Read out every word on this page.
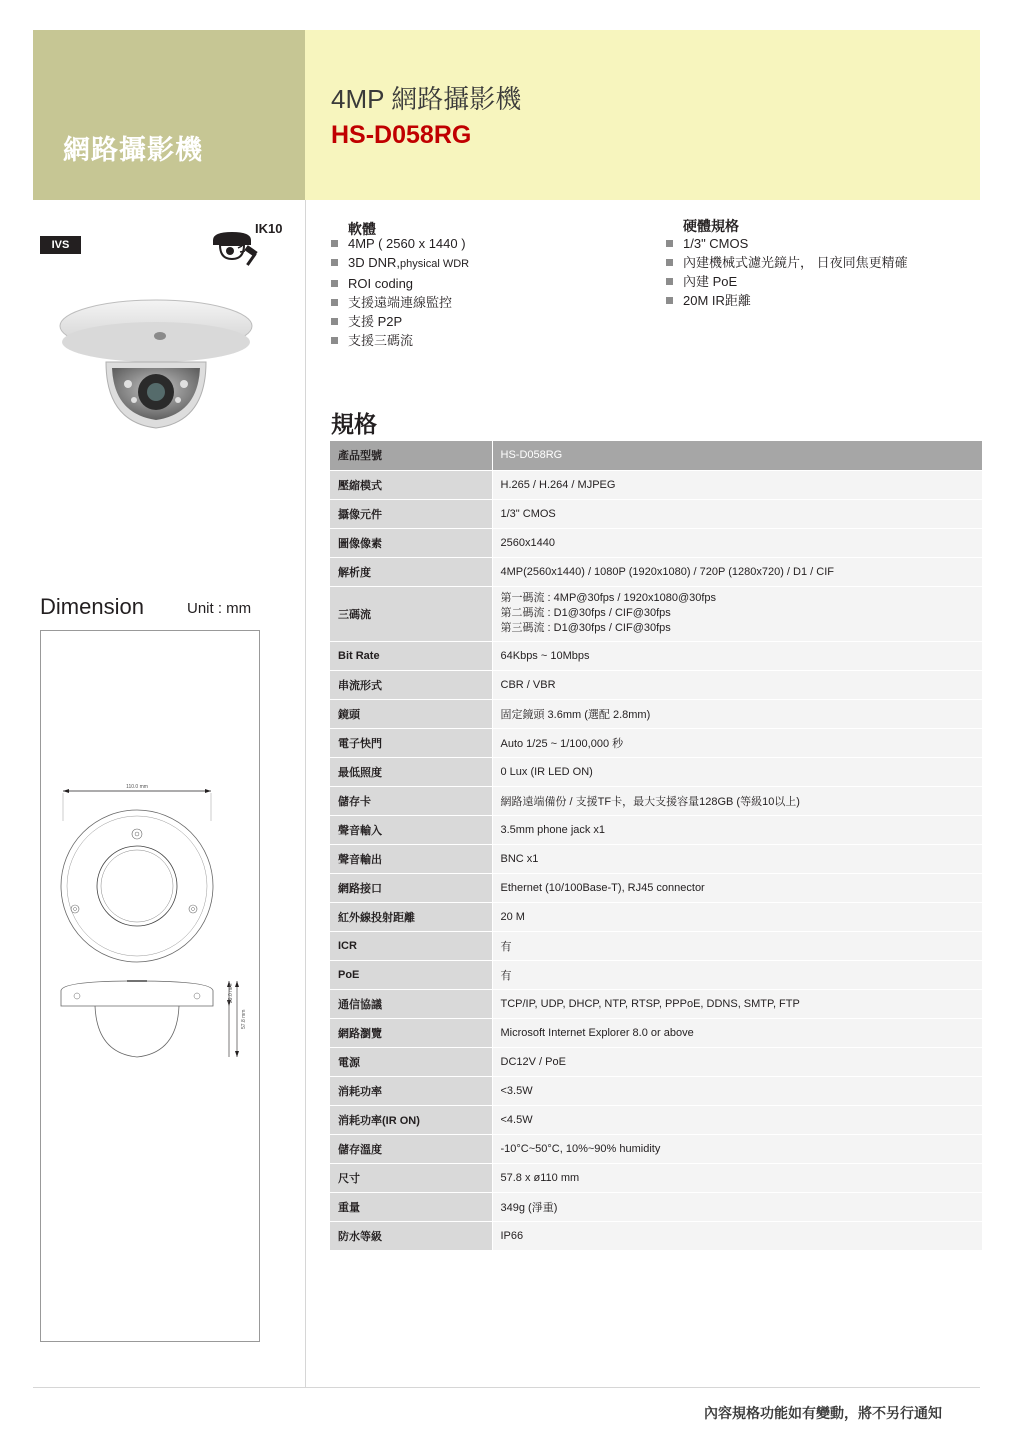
網路攝影機
4MP 網路攝影機
HS-D058RG
IVS
IK10
Dimension	Unit : mm
110.0 mm
29.0 mm
57.8 mm
軟體
4MP ( 2560 x 1440 )
3D DNR,physical WDR
ROI coding
支援遠端連線監控
支援 P2P
支援三碼流
硬體規格
1/3" CMOS
內建機械式濾光鏡片， 日夜同焦更精確
內建 PoE
20M IR距離
規格
產品型號	HS-D058RG
壓縮模式	H.265 / H.264 / MJPEG
攝像元件	1/3" CMOS
圖像像素	2560x1440
解析度	4MP(2560x1440) / 1080P (1920x1080) / 720P (1280x720) / D1 / CIF
三碼流	第一碼流 : 4MP@30fps / 1920x1080@30fps
第二碼流 : D1@30fps / CIF@30fps
第三碼流 : D1@30fps / CIF@30fps

Bit Rate	64Kbps ~ 10Mbps
串流形式	CBR / VBR
鏡頭	固定鏡頭 3.6mm (選配 2.8mm)
電子快門	Auto 1/25 ~ 1/100,000 秒
最低照度	0 Lux (IR LED ON)
儲存卡	網路遠端備份 / 支援TF卡，最大支援容量128GB (等級10以上)
聲音輸入	3.5mm phone jack x1
聲音輸出	BNC x1
網路接口	Ethernet (10/100Base-T), RJ45 connector
紅外線投射距離	20 M
ICR	有
PoE	有
通信協議	TCP/IP, UDP, DHCP, NTP, RTSP, PPPoE, DDNS, SMTP, FTP
網路瀏覽	Microsoft Internet Explorer 8.0 or above
電源	DC12V / PoE
消耗功率	<3.5W
消耗功率(IR ON)	<4.5W
儲存溫度	-10°C~50°C, 10%~90% humidity
尺寸	57.8 x ø110 mm
重量	349g (淨重)
防水等級	IP66
內容規格功能如有變動，將不另行通知
